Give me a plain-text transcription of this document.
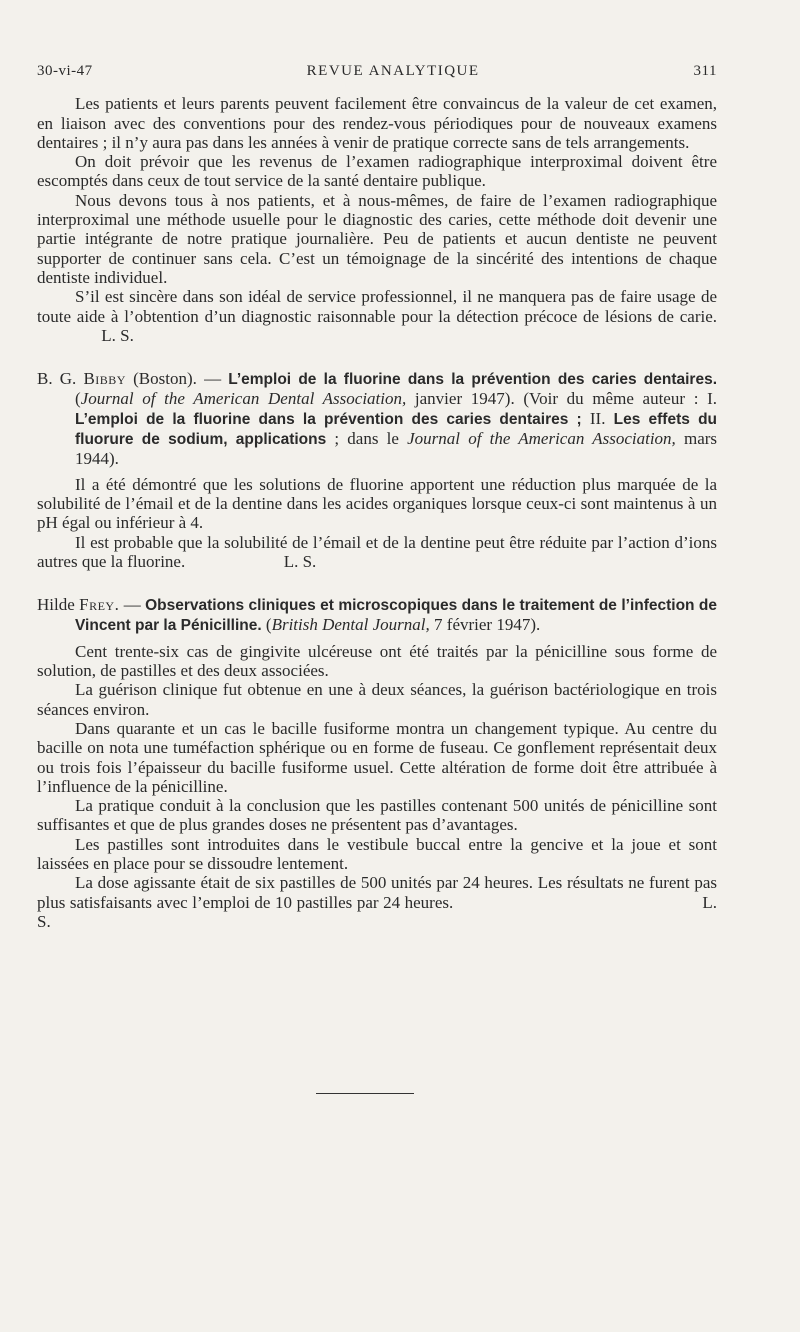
30-vi-47	REVUE ANALYTIQUE	311

Les patients et leurs parents peuvent facilement être convaincus de la valeur de cet examen, en liaison avec des conventions pour des rendez-vous périodiques pour de nouveaux examens dentaires ; il n’y aura pas dans les années à venir de pratique correcte sans de tels arrangements.

On doit prévoir que les revenus de l’examen radiographique interproximal doivent être escomptés dans ceux de tout service de la santé dentaire publique.

Nous devons tous à nos patients, et à nous-mêmes, de faire de l’examen radiographique interproximal une méthode usuelle pour le diagnostic des caries, cette méthode doit devenir une partie intégrante de notre pratique journalière. Peu de patients et aucun dentiste ne peuvent supporter de continuer sans cela. C’est un témoignage de la sincérité des intentions de chaque dentiste individuel.

S’il est sincère dans son idéal de service professionnel, il ne manquera pas de faire usage de toute aide à l’obtention d’un diagnostic raisonnable pour la détection précoce de lésions de carie.  L. S.

B. G. Bibby (Boston). — L’emploi de la fluorine dans la prévention des caries dentaires. (Journal of the American Dental Association, janvier 1947). (Voir du même auteur : I. L’emploi de la fluorine dans la prévention des caries dentaires ; II. Les effets du fluorure de sodium, applications ; dans le Journal of the American Association, mars 1944).

Il a été démontré que les solutions de fluorine apportent une réduction plus marquée de la solubilité de l’émail et de la dentine dans les acides organiques lorsque ceux-ci sont maintenus à un pH égal ou inférieur à 4.

Il est probable que la solubilité de l’émail et de la dentine peut être réduite par l’action d’ions autres que la fluorine.	L. S.

Hilde Frey. — Observations cliniques et microscopiques dans le traitement de l’infection de Vincent par la Pénicilline. (British Dental Journal, 7 février 1947).

Cent trente-six cas de gingivite ulcéreuse ont été traités par la pénicilline sous forme de solution, de pastilles et des deux associées.

La guérison clinique fut obtenue en une à deux séances, la guérison bactériologique en trois séances environ.

Dans quarante et un cas le bacille fusiforme montra un changement typique. Au centre du bacille on nota une tuméfaction sphérique ou en forme de fuseau. Ce gonflement représentait deux ou trois fois l’épaisseur du bacille fusiforme usuel. Cette altération de forme doit être attribuée à l’influence de la pénicilline.

La pratique conduit à la conclusion que les pastilles contenant 500 unités de pénicilline sont suffisantes et que de plus grandes doses ne présentent pas d’avantages.

Les pastilles sont introduites dans le vestibule buccal entre la gencive et la joue et sont laissées en place pour se dissoudre lentement.

La dose agissante était de six pastilles de 500 unités par 24 heures. Les résultats ne furent pas plus satisfaisants avec l’emploi de 10 pastilles par 24 heures.	L. S.
